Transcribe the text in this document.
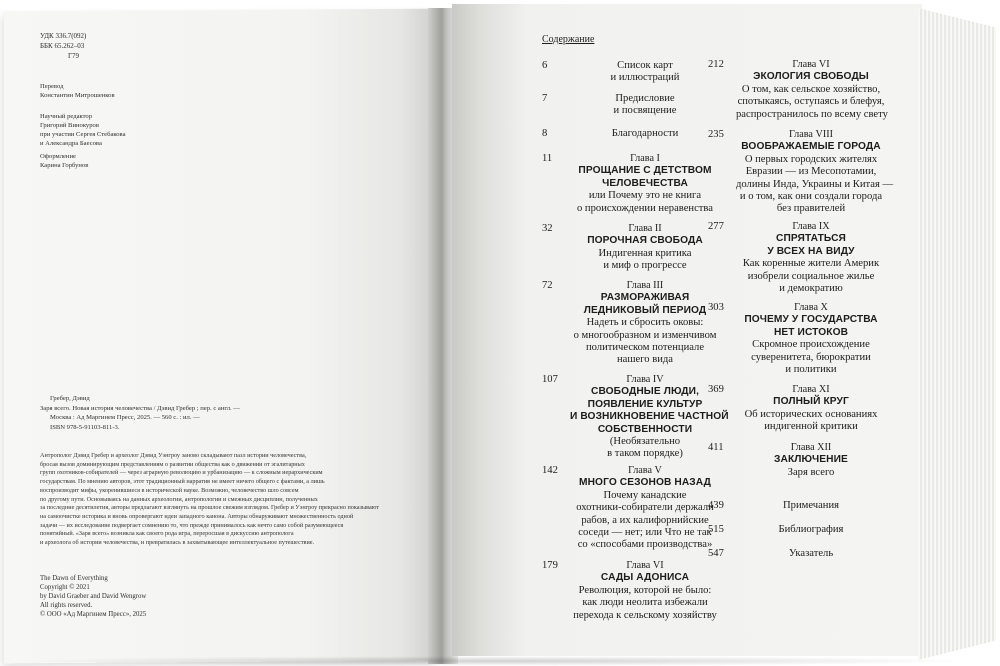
УДК 336.7(092)
ББК 65.262–03
Г79
Перевод
Константин Митрошенков
Научный редактор
Григорий Винокуров
при участии Сергея Стебакова
и Александра Баесова
Оформление
Карина Горбунов
Гребер, Дэвид
Заря всего. Новая история человечества / Дэвид Гребер ; пер. с англ. —
Москва : Ад Маргинем Пресс, 2025. — 560 с. : ил. —
ISBN 978-5-91103-811-3.
Антрополог Дэвид Гребер и археолог Дэвид Уэнгроу заново складывают пазл истории человечества,
бросая вызов доминирующим представлениям о развитии общества как о движении от эгалитарных
групп охотников-собирателей — через аграрную революцию и урбанизацию — к сложным иерархическим
государствам. По мнению авторов, этот традиционный нарратив не имеет ничего общего с фактами, а лишь
воспроизводит мифы, укоренившиеся в исторической науке. Возможно, человечество шло совсем
по другому пути. Основываясь на данных археологии, антропологии и смежных дисциплин, полученных
за последние десятилетия, авторы предлагают взглянуть на прошлое свежим взглядом. Гребер и Уэнгроу прекрасно показывают
на самоочистке историка и вновь опровергают идеи западного канона. Авторы обнаруживают множественность одной
задачи — их исследование подвергает сомнению то, что прежде принималось как нечто само собой разумеющееся
понятийный. «Заря всего» возникла как своего рода игра, переросшая в дискуссию антрополога
и археолога об истории человечества, и превратилась в захватывающее интеллектуальное путешествие.
The Dawn of Everything
Copyright © 2021
by David Graeber and David Wengrow
All rights reserved.
© ООО «Ад Маргинем Пресс», 2025
Содержание
6	Список карт
и иллюстраций
7	Предисловие
и посвящение
8	Благодарности
11	Глава I
ПРОЩАНИЕ С ДЕТСТВОМ
ЧЕЛОВЕЧЕСТВА
или Почему это не книга
о происхождении неравенства
32	Глава II
ПОРОЧНАЯ СВОБОДА
Индигенная критика
и миф о прогрессе
72	Глава III
РАЗМОРАЖИВАЯ
ЛЕДНИКОВЫЙ ПЕРИОД
Надеть и сбросить оковы:
о многообразном и изменчивом
политическом потенциале
нашего вида
107	Глава IV
СВОБОДНЫЕ ЛЮДИ,
ПОЯВЛЕНИЕ КУЛЬТУР
И ВОЗНИКНОВЕНИЕ ЧАСТНОЙ
СОБСТВЕННОСТИ
(Необязательно
в таком порядке)
142	Глава V
МНОГО СЕЗОНОВ НАЗАД
Почему канадские
охотники-собиратели держали
рабов, а их калифорнийские
соседи — нет; или Что не так
со «способами производства»
179	Глава VI
САДЫ АДОНИСА
Революция, которой не было:
как люди неолита избежали
перехода к сельскому хозяйству
212	Глава VI
ЭКОЛОГИЯ СВОБОДЫ
О том, как сельское хозяйство,
спотыкаясь, оступаясь и блефуя,
распространилось по всему свету
235	Глава VIII
ВООБРАЖАЕМЫЕ ГОРОДА
О первых городских жителях
Евразии — из Месопотамии,
долины Инда, Украины и Китая —
и о том, как они создали города
без правителей
277	Глава IX
СПРЯТАТЬСЯ
У ВСЕХ НА ВИДУ
Как коренные жители Америк
изобрели социальное жилье
и демократию
303	Глава X
ПОЧЕМУ У ГОСУДАРСТВА
НЕТ ИСТОКОВ
Скромное происхождение
суверенитета, бюрократии
и политики
369	Глава XI
ПОЛНЫЙ КРУГ
Об исторических основаниях
индигенной критики
411	Глава XII
ЗАКЛЮЧЕНИЕ
Заря всего
439	Примечания
515	Библиография
547	Указатель
